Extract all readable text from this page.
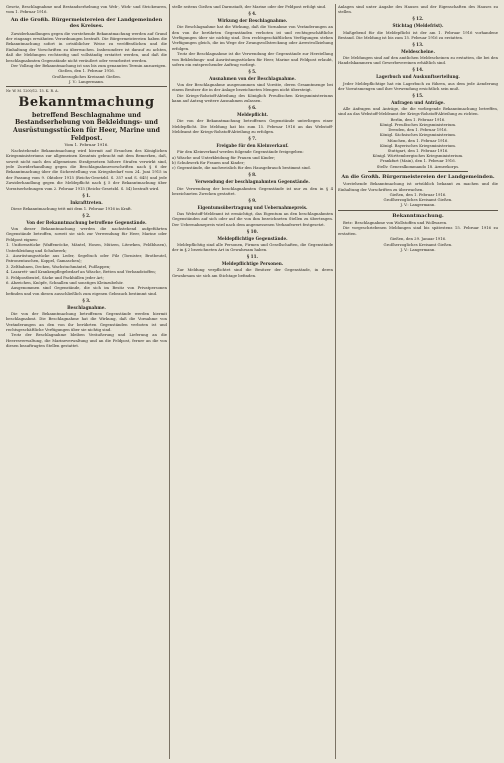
Gesetz, Beschlagnahme und Bestandserhebung von Web-, Wirk- und Strickwaren, vom 1. Februar 1916.

An die Großh. Bürgermeistereien der Landgemeinden des Kreises.

Zuwiderhandlungen gegen die vorstehende Bekanntmachung werden auf Grund der eingangs erwähnten Verordnungen bestraft. Die Bürgermeistereien haben die Bekanntmachung sofort in ortsüblicher Weise zu veröffentlichen und die Einhaltung der Vorschriften zu überwachen. Insbesondere ist darauf zu achten, daß die Meldungen rechtzeitig und vollständig erstattet werden, und daß die beschlagnahmten Gegenstände nicht veräußert oder verarbeitet werden.

Der Vollzug der Bekanntmachung ist uns bis zum genannten Termin anzuzeigen.

Gießen, den 1. Februar 1916.

Großherzogliches Kreisamt Gießen.

J. V.: Langermann.

Nr. W. M. 1200/12. 15. K. R. A.

Bekanntmachung

betreffend Beschlagnahme und Bestandserhebung von Bekleidungs- und Ausrüstungsstücken für Heer, Marine und Feldpost.

Vom 1. Februar 1916.

Nachstehende Bekanntmachung wird hiermit auf Ersuchen des Königlichen Kriegsministeriums zur allgemeinen Kenntnis gebracht mit dem Bemerken, daß, soweit nicht nach den allgemeinen Strafgesetzen höhere Strafen verwirkt sind, jede Zuwiderhandlung gegen die Beschlagnahmevorschriften nach § 6 der Bekanntmachung über die Sicherstellung von Kriegsbedarf vom 24. Juni 1915 in der Fassung vom 9. Oktober 1915 (Reichs-Gesetzbl. S. 357 und S. 645) und jede Zuwiderhandlung gegen die Meldepflicht nach § 5 der Bekanntmachung über Vorratserhebungen vom 2. Februar 1915 (Reichs-Gesetzbl. S. 54) bestraft wird.

§ 1.

Inkrafttreten.

Diese Bekanntmachung tritt mit dem 1. Februar 1916 in Kraft.

§ 2.

Von der Bekanntmachung betroffene Gegenstände.

Von dieser Bekanntmachung werden die nachstehend aufgeführten Gegenstände betroffen, soweit sie sich zur Verwendung für Heer, Marine oder Feldpost eignen:

1. Uniformstücke (Waffenröcke, Mäntel, Hosen, Mützen, Litewken, Feldblusen), Unterkleidung und Schuhwerk;

2. Ausrüstungsstücke aus Leder, Segeltuch oder Filz (Tornister, Brotbeutel, Patronentaschen, Koppel, Gamaschen);

3. Zeltbahnen, Decken, Wachstuchmäntel, Fußlappen;

4. Lazarett- und Krankenpflegebedarf an Wäsche, Betten und Verbandstoffen;

5. Feldpostbeutel, Säcke und Packhüllen jeder Art;

6. Abzeichen, Knöpfe, Schnallen und sonstiges Kleinzubehör.

Ausgenommen sind Gegenstände, die sich im Besitz von Privatpersonen befinden und von diesen ausschließlich zum eigenen Gebrauch bestimmt sind.

§ 3.

Beschlagnahme.

Die von der Bekanntmachung betroffenen Gegenstände werden hiermit beschlagnahmt. Die Beschlagnahme hat die Wirkung, daß die Vornahme von Veränderungen an den von ihr berührten Gegenständen verboten ist und rechtsgeschäftliche Verfügungen über sie nichtig sind.

Trotz der Beschlagnahme bleiben Veräußerung und Lieferung an die Heeresverwaltung, die Marineverwaltung und an die Feldpost, ferner an die von diesen beauftragten Stellen gestattet.

stelle seitens Gießen und Darmstadt, der Marine oder der Feldpost erfolgt sind.

§ 4.

Wirkung der Beschlagnahme.

Die Beschlagnahme hat die Wirkung, daß die Vornahme von Veränderungen an den von ihr berührten Gegenständen verboten ist und rechtsgeschäftliche Verfügungen über sie nichtig sind. Den rechtsgeschäftlichen Verfügungen stehen Verfügungen gleich, die im Wege der Zwangsvollstreckung oder Arrestvollziehung erfolgen.

Trotz der Beschlagnahme ist die Verwendung der Gegenstände zur Herstellung von Bekleidungs- und Ausrüstungsstücken für Heer, Marine und Feldpost erlaubt, sofern ein entsprechender Auftrag vorliegt.

§ 5.

Ausnahmen von der Beschlagnahme.

Von der Beschlagnahme ausgenommen sind Vorräte, deren Gesamtmenge bei einem Besitzer die in der Anlage bezeichneten Mengen nicht übersteigt.

Die Kriegs-Rohstoff-Abteilung des Königlich Preußischen Kriegsministeriums kann auf Antrag weitere Ausnahmen zulassen.

§ 6.

Meldepflicht.

Die von der Bekanntmachung betroffenen Gegenstände unterliegen einer Meldepflicht. Die Meldung hat bis zum 15. Februar 1916 an das Webstoff-Meldeamt der Kriegs-Rohstoff-Abteilung zu erfolgen.

§ 7.

Freigabe für den Kleinverkauf.

Für den Kleinverkauf werden folgende Gegenstände freigegeben:

a) Wäsche und Unterkleidung für Frauen und Kinder;

b) Schuhwerk für Frauen und Kinder;

c) Gegenstände, die nachweislich für den Hausgebrauch bestimmt sind.

§ 8.

Verwendung der beschlagnahmten Gegenstände.

Die Verwendung der beschlagnahmten Gegenstände ist nur zu den in § 4 bezeichneten Zwecken gestattet.

§ 9.

Eigentumsübertragung und Uebernahmepreis.

Das Webstoff-Meldeamt ist ermächtigt, das Eigentum an den beschlagnahmten Gegenständen auf sich oder auf die von ihm bezeichneten Stellen zu übertragen. Der Uebernahmepreis wird nach dem angemessenen Verkaufswert festgesetzt.

§ 10.

Meldepflichtige Gegenstände.

Meldepflichtig sind alle Personen, Firmen und Gesellschaften, die Gegenstände der in § 2 bezeichneten Art in Gewahrsam haben.

§ 11.

Meldepflichtige Personen.

Zur Meldung verpflichtet sind die Besitzer der Gegenstände, in deren Gewahrsam sie sich am Stichtage befinden.

Anlagen sind unter Angabe des Hauses und der Eigenschaften des Hauses zu stellen.

§ 12.

Stichtag (Meldefrist).

Maßgebend für die Meldepflicht ist der am 1. Februar 1916 vorhandene Bestand. Die Meldung ist bis zum 15. Februar 1916 zu erstatten.

§ 13.

Meldescheine.

Die Meldungen sind auf den amtlichen Meldescheinen zu erstatten, die bei den Handelskammern und Gewerbevereinen erhältlich sind.

§ 14.

Lagerbuch und Auskunftserteilung.

Jeder Meldepflichtige hat ein Lagerbuch zu führen, aus dem jede Aenderung der Vorratsmengen und ihre Verwendung ersichtlich sein muß.

§ 15.

Anfragen und Anträge.

Alle Anfragen und Anträge, die die vorliegende Bekanntmachung betreffen, sind an das Webstoff-Meldeamt der Kriegs-Rohstoff-Abteilung zu richten.

Berlin, den 1. Februar 1916.

Königl. Preußisches Kriegsministerium.

Dresden, den 1. Februar 1916.

Königl. Sächsisches Kriegsministerium.

München, den 1. Februar 1916.

Königl. Bayerisches Kriegsministerium.

Stuttgart, den 1. Februar 1916.

Königl. Württembergisches Kriegsministerium.

Frankfurt (Main), den 1. Februar 1916.

Stellv. Generalkommando 18. Armeekorps.

An die Großh. Bürgermeistereien der Landgemeinden.

Vorstehende Bekanntmachung ist ortsüblich bekannt zu machen und die Einhaltung der Vorschriften zu überwachen.

Gießen, den 1. Februar 1916.

Großherzogliches Kreisamt Gießen.

J. V.: Langermann.

Bekanntmachung.

Betr.: Beschlagnahme von Wollstoffen und Wollwaren.

Die vorgeschriebenen Meldungen sind bis spätestens 15. Februar 1916 zu erstatten.

Gießen, den 29. Januar 1916.

Großherzogliches Kreisamt Gießen.

J. V.: Langermann.
